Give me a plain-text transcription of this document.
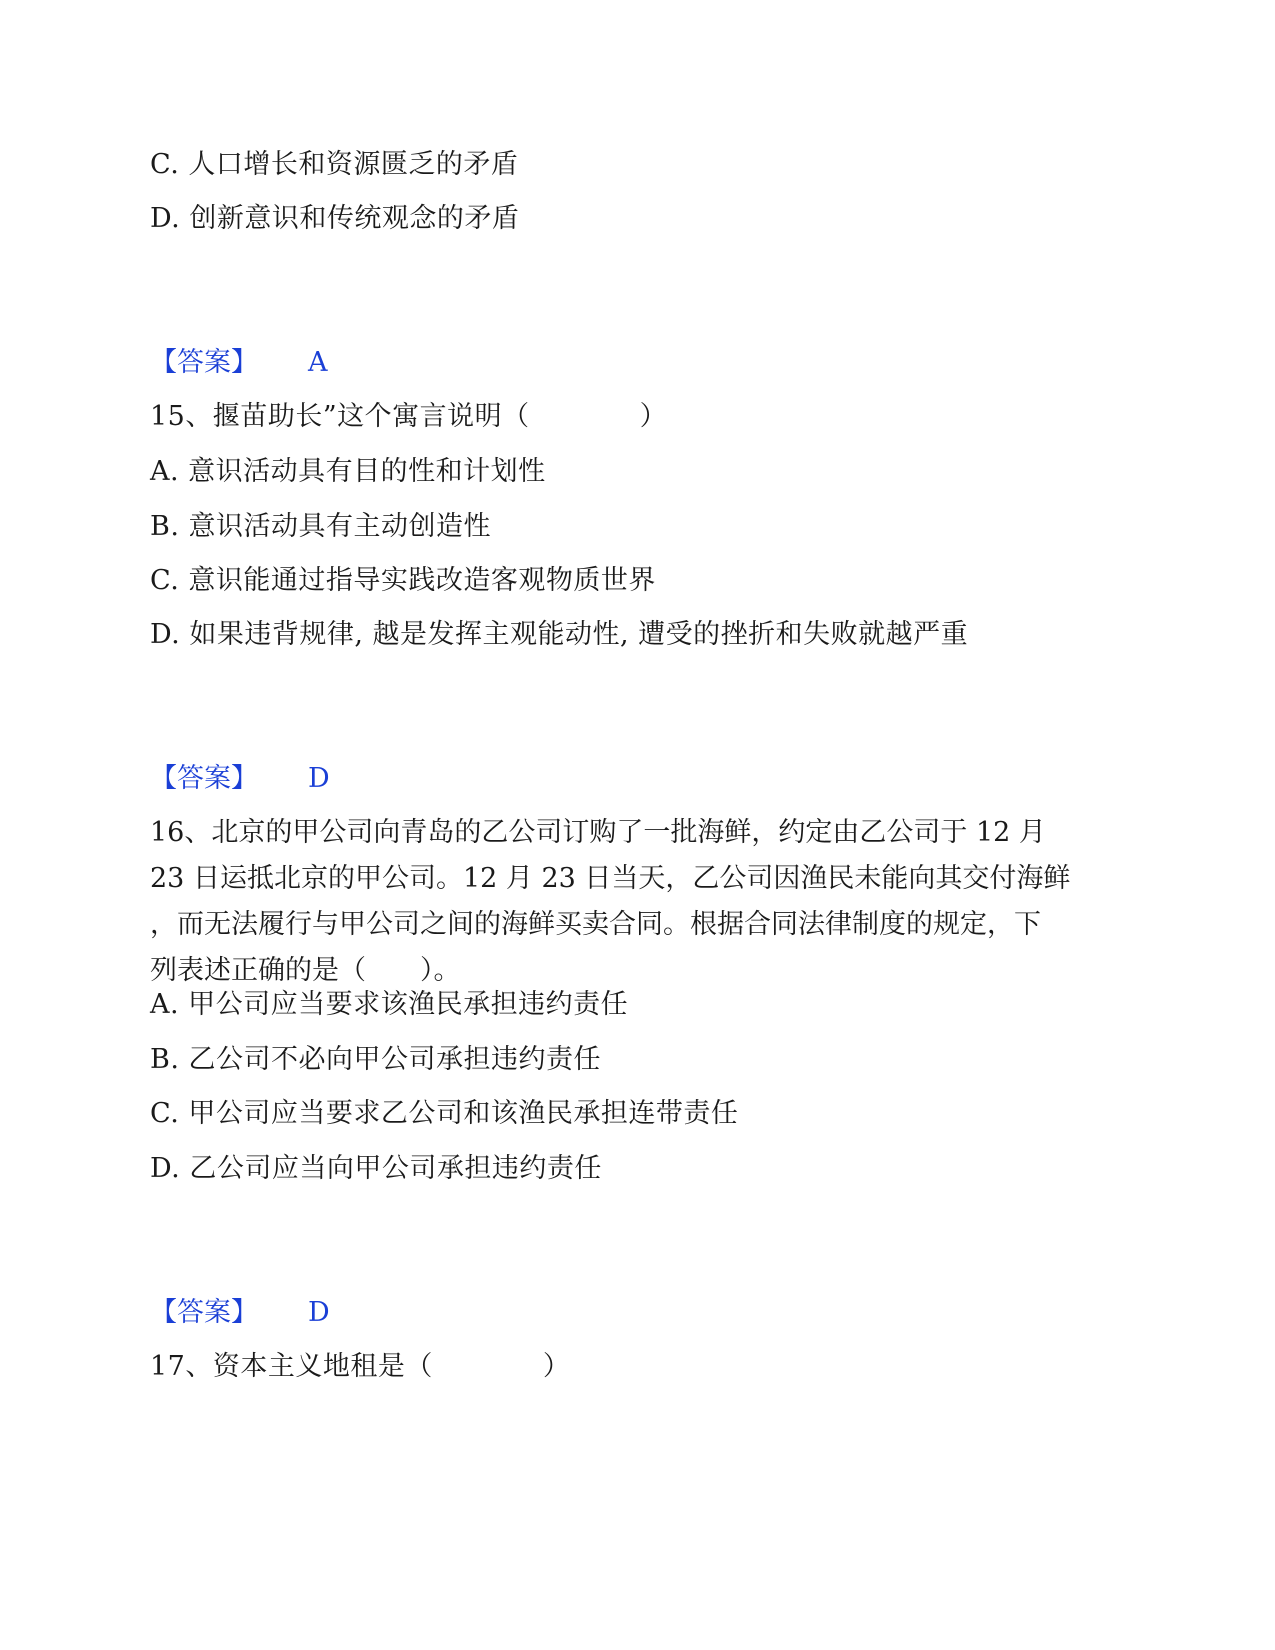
C. 人口增长和资源匮乏的矛盾
D. 创新意识和传统观念的矛盾
【答案】 A
15、揠苗助长”这个寓言说明（　　　　）
A. 意识活动具有目的性和计划性
B. 意识活动具有主动创造性
C. 意识能通过指导实践改造客观物质世界
D. 如果违背规律, 越是发挥主观能动性, 遭受的挫折和失败就越严重
【答案】 D
16、北京的甲公司向青岛的乙公司订购了一批海鲜，约定由乙公司于 12 月
23 日运抵北京的甲公司。12 月 23 日当天，乙公司因渔民未能向其交付海鲜
，而无法履行与甲公司之间的海鲜买卖合同。根据合同法律制度的规定，下
列表述正确的是（　　）。
A. 甲公司应当要求该渔民承担违约责任
B. 乙公司不必向甲公司承担违约责任
C. 甲公司应当要求乙公司和该渔民承担连带责任
D. 乙公司应当向甲公司承担违约责任
【答案】 D
17、资本主义地租是（　　　　）
